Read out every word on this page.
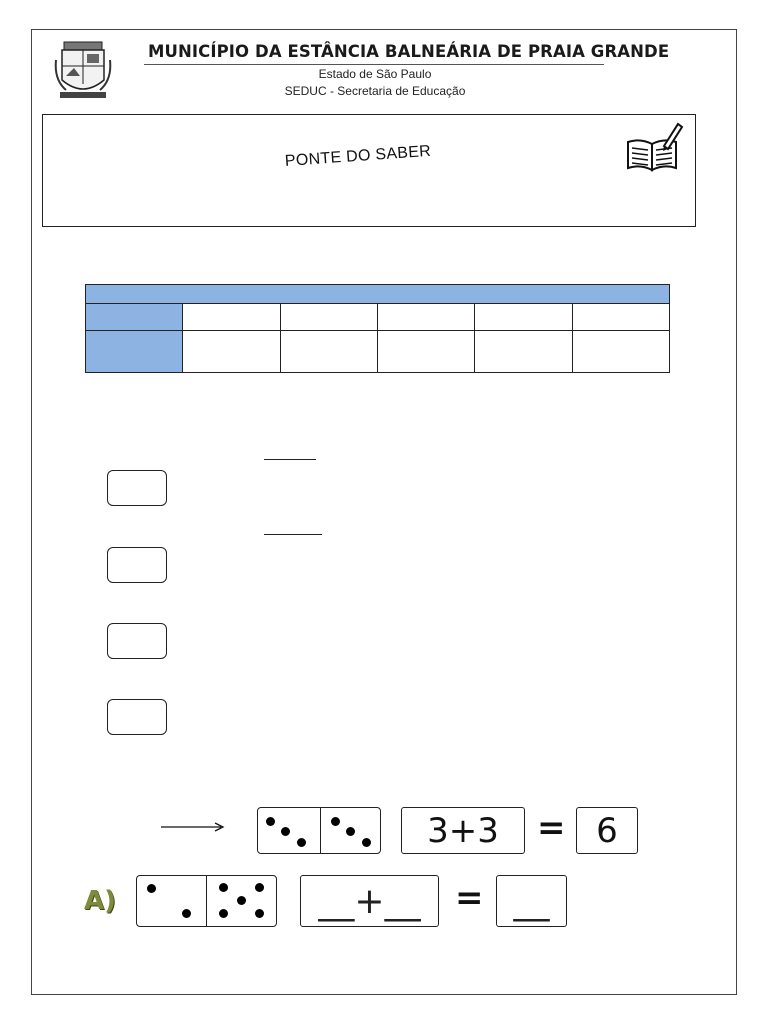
MUNICÍPIO DA ESTÂNCIA BALNEÁRIA DE PRAIA GRANDE
Estado de São Paulo
SEDUC - Secretaria de Educação
PONTE DO SABER

3+3 = 6
A)	__+__ = __
